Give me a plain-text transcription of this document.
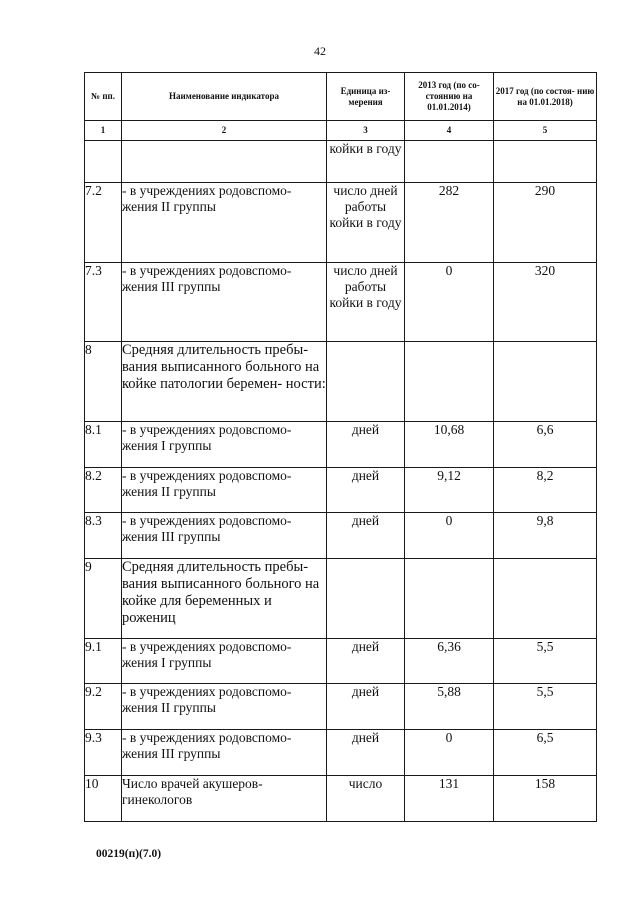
42
№ пп.	Наименование индикатора	Единица из- мерения	2013 год (по со- стоянию на 01.01.2014)	2017 год (по состоя- нию на 01.01.2018)
1	2	3	4	5
		койки в году		
7.2	- в учреждениях родовспомо- жения II группы	число дней работы койки в году	282	290
7.3	- в учреждениях родовспомо- жения III группы	число дней работы койки в году	0	320
8	Средняя длительность пребы- вания выписанного больного на койке патологии беремен- ности:			
8.1	- в учреждениях родовспомо- жения I группы	дней	10,68	6,6
8.2	- в учреждениях родовспомо- жения II группы	дней	9,12	8,2
8.3	- в учреждениях родовспомо- жения III группы	дней	0	9,8
9	Средняя длительность пребы- вания выписанного больного на койке для беременных и рожениц			
9.1	- в учреждениях родовспомо- жения I группы	дней	6,36	5,5
9.2	- в учреждениях родовспомо- жения II группы	дней	5,88	5,5
9.3	- в учреждениях родовспомо- жения III группы	дней	0	6,5
10	Число врачей акушеров- гинекологов	число	131	158
00219(п)(7.0)
